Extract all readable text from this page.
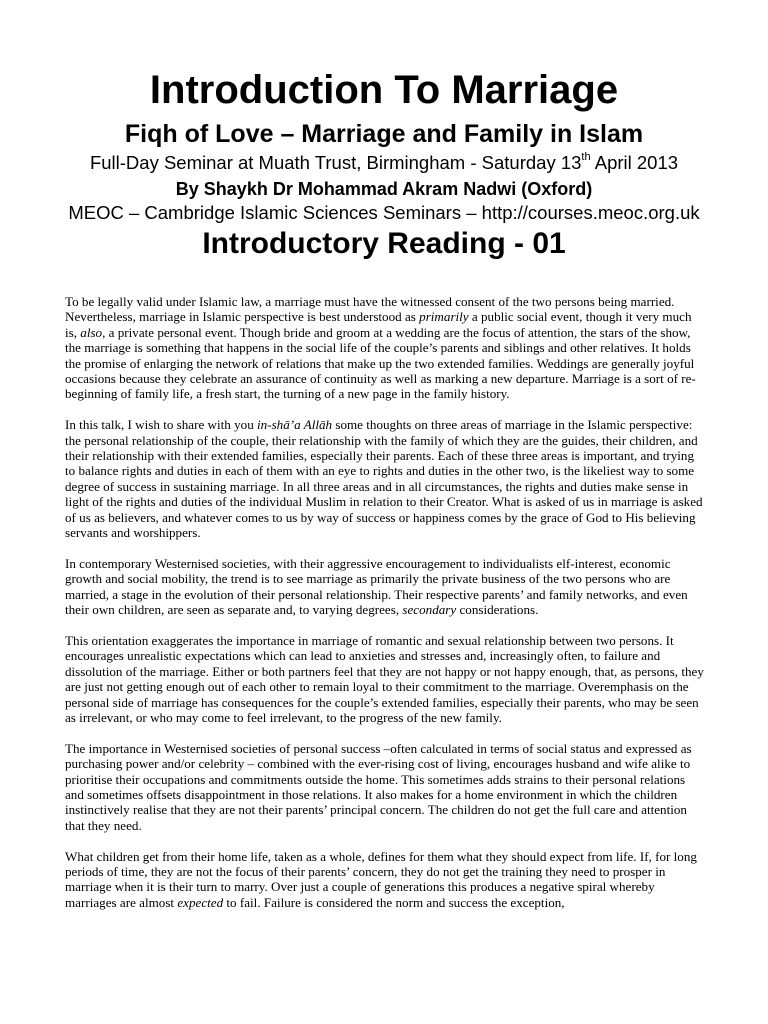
Introduction To Marriage
Fiqh of Love – Marriage and Family in Islam

Full-Day Seminar at Muath Trust, Birmingham - Saturday 13th April 2013

By Shaykh Dr Mohammad Akram Nadwi (Oxford)

MEOC – Cambridge Islamic Sciences Seminars – http://courses.meoc.org.uk

Introductory Reading - 01

To be legally valid under Islamic law, a marriage must have the witnessed consent of the two persons being married. Nevertheless, marriage in Islamic perspective is best understood as primarily a public social event, though it very much is, also, a private personal event. Though bride and groom at a wedding are the focus of attention, the stars of the show, the marriage is something that happens in the social life of the couple’s parents and siblings and other relatives. It holds the promise of enlarging the network of relations that make up the two extended families. Weddings are generally joyful occasions because they celebrate an assurance of continuity as well as marking a new departure. Marriage is a sort of re-beginning of family life, a fresh start, the turning of a new page in the family history.

In this talk, I wish to share with you in-shā’a Allāh some thoughts on three areas of marriage in the Islamic perspective: the personal relationship of the couple, their relationship with the family of which they are the guides, their children, and their relationship with their extended families, especially their parents. Each of these three areas is important, and trying to balance rights and duties in each of them with an eye to rights and duties in the other two, is the likeliest way to some degree of success in sustaining marriage. In all three areas and in all circumstances, the rights and duties make sense in light of the rights and duties of the individual Muslim in relation to their Creator. What is asked of us in marriage is asked of us as believers, and whatever comes to us by way of success or happiness comes by the grace of God to His believing servants and worshippers.

In contemporary Westernised societies, with their aggressive encouragement to individualists elf-interest, economic growth and social mobility, the trend is to see marriage as primarily the private business of the two persons who are married, a stage in the evolution of their personal relationship. Their respective parents’ and family networks, and even their own children, are seen as separate and, to varying degrees, secondary considerations.

This orientation exaggerates the importance in marriage of romantic and sexual relationship between two persons. It encourages unrealistic expectations which can lead to anxieties and stresses and, increasingly often, to failure and dissolution of the marriage. Either or both partners feel that they are not happy or not happy enough, that, as persons, they are just not getting enough out of each other to remain loyal to their commitment to the marriage. Overemphasis on the personal side of marriage has consequences for the couple’s extended families, especially their parents, who may be seen as irrelevant, or who may come to feel irrelevant, to the progress of the new family.

The importance in Westernised societies of personal success –often calculated in terms of social status and expressed as purchasing power and/or celebrity – combined with the ever-rising cost of living, encourages husband and wife alike to prioritise their occupations and commitments outside the home. This sometimes adds strains to their personal relations and sometimes offsets disappointment in those relations. It also makes for a home environment in which the children instinctively realise that they are not their parents’ principal concern. The children do not get the full care and attention that they need.

What children get from their home life, taken as a whole, defines for them what they should expect from life. If, for long periods of time, they are not the focus of their parents’ concern, they do not get the training they need to prosper in marriage when it is their turn to marry. Over just a couple of generations this produces a negative spiral whereby marriages are almost expected to fail. Failure is considered the norm and success the exception,
